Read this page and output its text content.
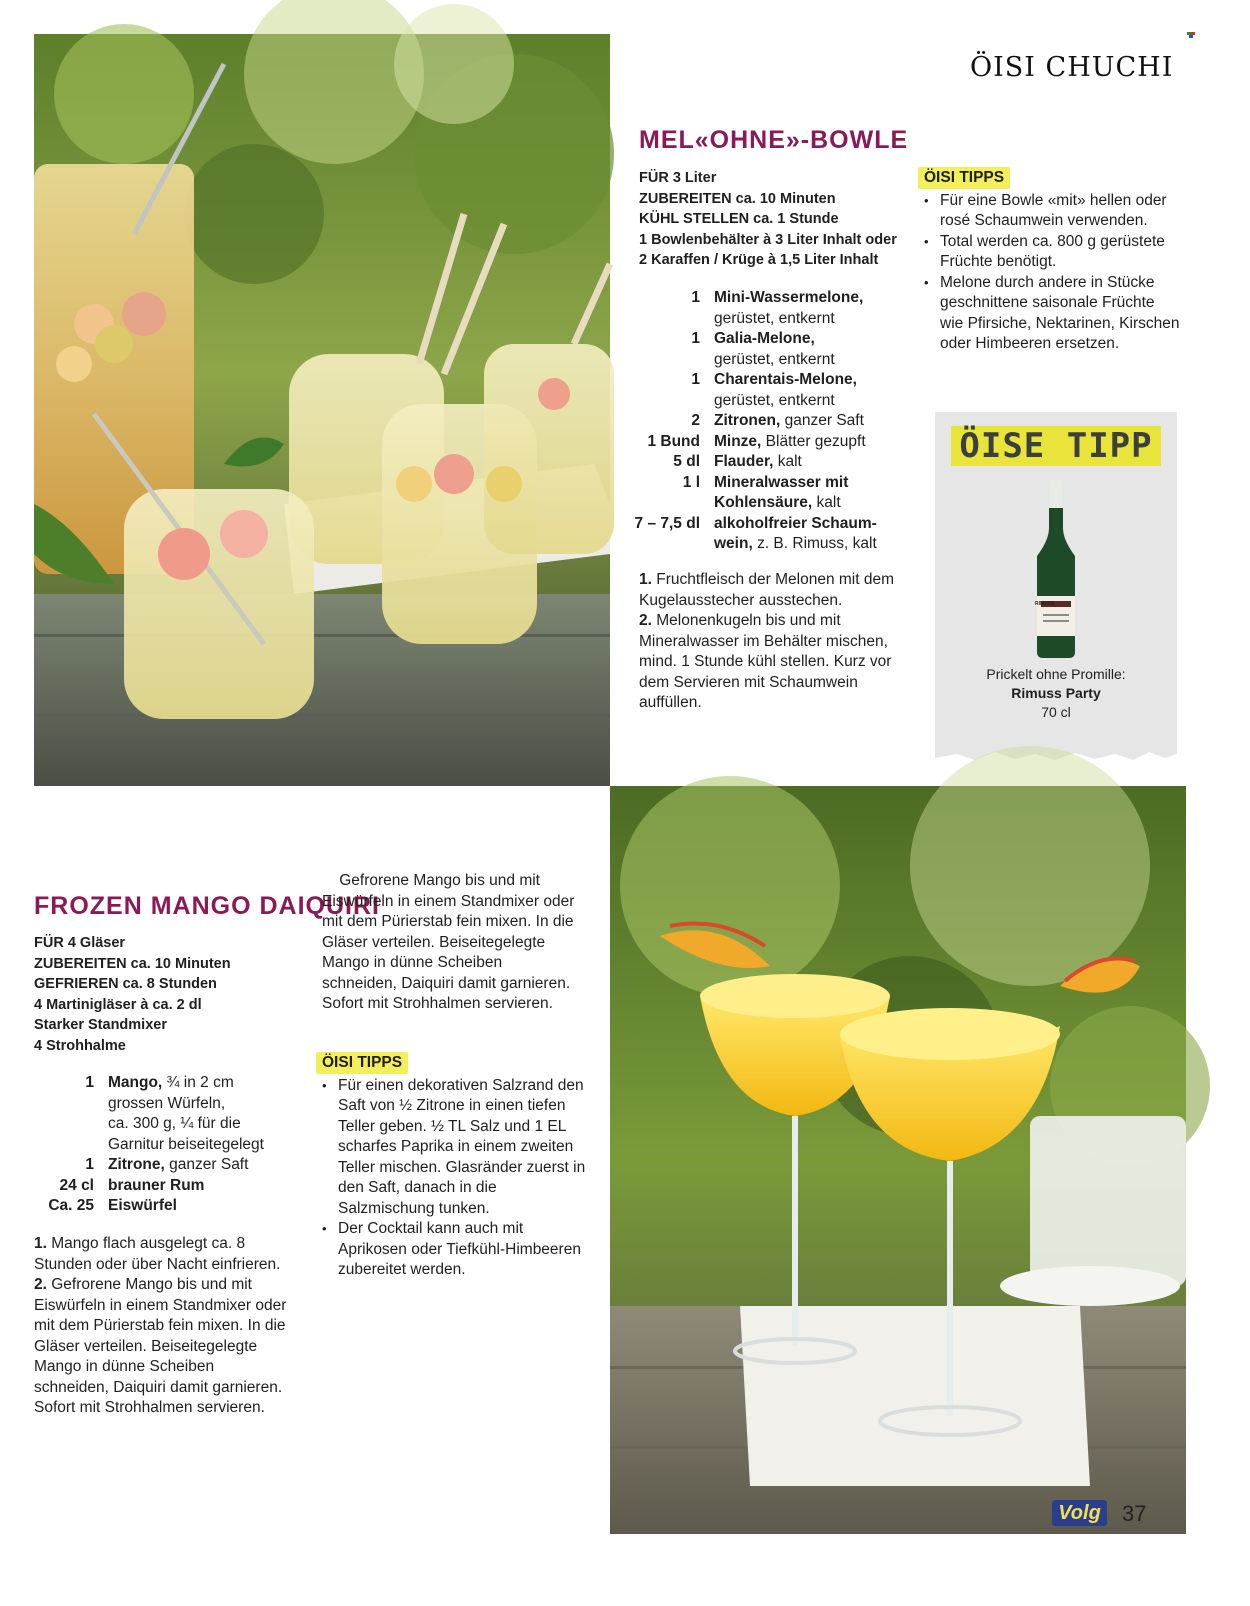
ÖISI CHUCHI
MEL«OHNE»-BOWLE
FÜR 3 Liter
ZUBEREITEN ca. 10 Minuten
KÜHL STELLEN ca. 1 Stunde
1 Bowlenbehälter à 3 Liter Inhalt oder
2 Karaffen / Krüge à 1,5 Liter Inhalt
1 Mini-Wassermelone,
gerüstet, entkernt
1 Galia-Melone,
gerüstet, entkernt
1 Charentais-Melone,
gerüstet, entkernt
2 Zitronen, ganzer Saft
1 Bund Minze, Blätter gezupft
5 dl Flauder, kalt
1 l Mineralwasser mit
Kohlensäure, kalt
7 – 7,5 dl alkoholfreier Schaum-
wein, z. B. Rimuss, kalt

1. Fruchtfleisch der Melonen mit dem Kugelausstecher ausstechen.

2. Melonenkugeln bis und mit Mineralwasser im Behälter mischen, mind. 1 Stunde kühl stellen. Kurz vor dem Servieren mit Schaumwein auffüllen.

ÖISI TIPPS
• Für eine Bowle «mit» hellen oder rosé Schaumwein verwenden.
• Total werden ca. 800 g gerüstete Früchte benötigt.
• Melone durch andere in Stücke geschnittene saisonale Früchte wie Pfirsiche, Nektarinen, Kirschen oder Himbeeren ersetzen.
ÖISE TIPP
RIMUSS
Prickelt ohne Promille:
Rimuss Party
70 cl
FROZEN MANGO DAIQUIRI
FÜR 4 Gläser
ZUBEREITEN ca. 10 Minuten
GEFRIEREN ca. 8 Stunden
4 Martinigläser à ca. 2 dl
Starker Standmixer
4 Strohhalme
1 Mango, ¾ in 2 cm
grossen Würfeln,
ca. 300 g, ¼ für die
Garnitur beiseitegelegt
1 Zitrone, ganzer Saft
24 cl brauner Rum
Ca. 25 Eiswürfel

1. Mango flach ausgelegt ca. 8 Stunden oder über Nacht einfrieren.

2. Gefrorene Mango bis und mit Eiswürfeln in einem Standmixer oder mit dem Pürierstab fein mixen. In die Gläser verteilen. Beiseitegelegte Mango in dünne Scheiben schneiden, Daiquiri damit garnieren. Sofort mit Strohhalmen servieren.

Gefrorene Mango bis und mit Eiswürfeln in einem Standmixer oder mit dem Pürierstab fein mixen. In die Gläser verteilen. Beiseitegelegte Mango in dünne Scheiben schneiden, Daiquiri damit garnieren. Sofort mit Strohhalmen servieren.

ÖISI TIPPS
• Für einen dekorativen Salzrand den Saft von ½ Zitrone in einen tiefen Teller geben. ½ TL Salz und 1 EL scharfes Paprika in einem zweiten Teller mischen. Glasränder zuerst in den Saft, danach in die Salzmischung tunken.
• Der Cocktail kann auch mit Aprikosen oder Tiefkühl-Himbeeren zubereitet werden.
Volg 37
